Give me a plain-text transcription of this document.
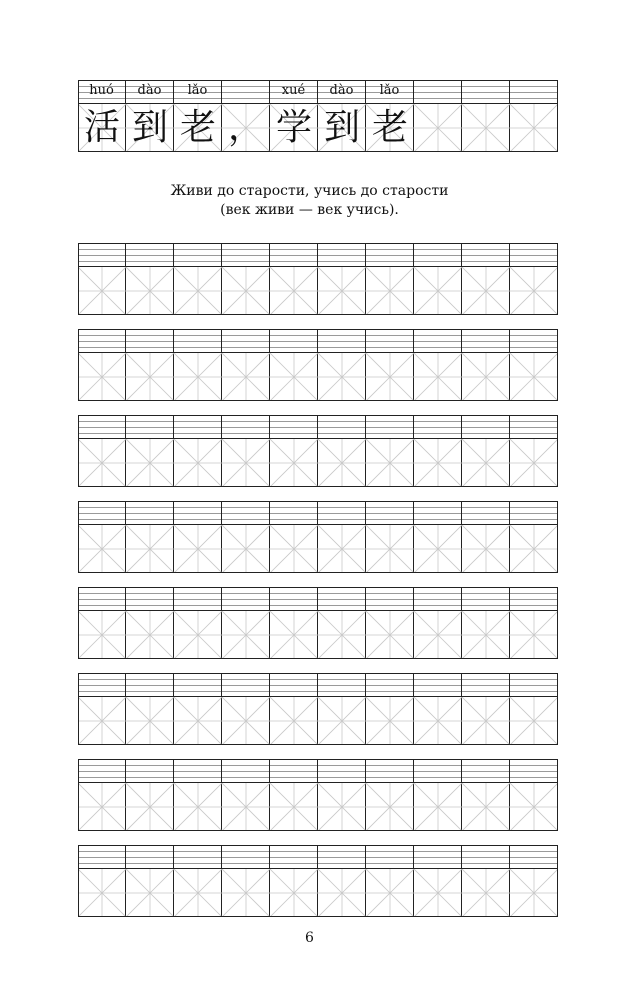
huó
活
dào
到
lǎo
老 ，
xué
学
dào
到
lǎo
老
Живи до старости, учись до старости
(век живи — век учись).
6
